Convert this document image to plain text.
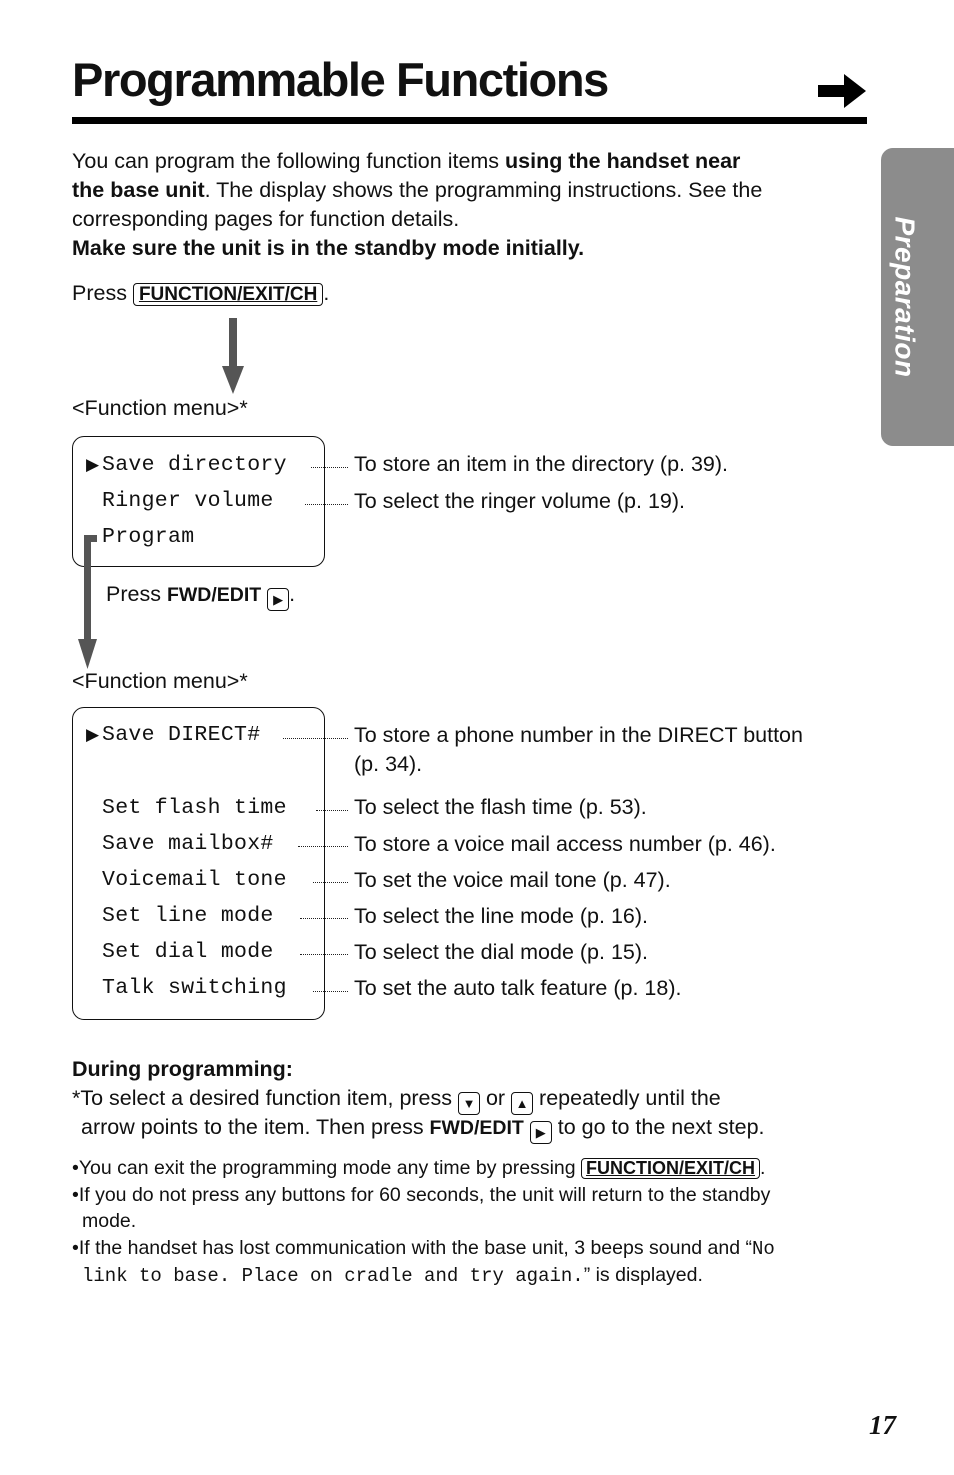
Programmable Functions
Preparation
You can program the following function items using the handset near
the base unit. The display shows the programming instructions. See the
corresponding pages for function details.
Make sure the unit is in the standby mode initially.
Press FUNCTION/EXIT/CH .
<Function menu>*
▶ Save directory
Ringer volume
Program
To store an item in the directory (p. 39).
To select the ringer volume (p. 19).
Press FWD/EDIT ▶ .
<Function menu>*
▶ Save DIRECT#
Set flash time
Save mailbox#
Voicemail tone
Set line mode
Set dial mode
Talk switching
To store a phone number in the DIRECT button
(p. 34).
To select the flash time (p. 53).
To store a voice mail access number (p. 46).
To set the voice mail tone (p. 47).
To select the line mode (p. 16).
To select the dial mode (p. 15).
To set the auto talk feature (p. 18).
During programming:
*To select a desired function item, press ▼ or ▲ repeatedly until the
arrow points to the item. Then press FWD/EDIT ▶ to go to the next step.
•You can exit the programming mode any time by pressing FUNCTION/EXIT/CH .
•If you do not press any buttons for 60 seconds, the unit will return to the standby
mode.
•If the handset has lost communication with the base unit, 3 beeps sound and “No
link to base. Place on cradle and try again.” is displayed.
17
